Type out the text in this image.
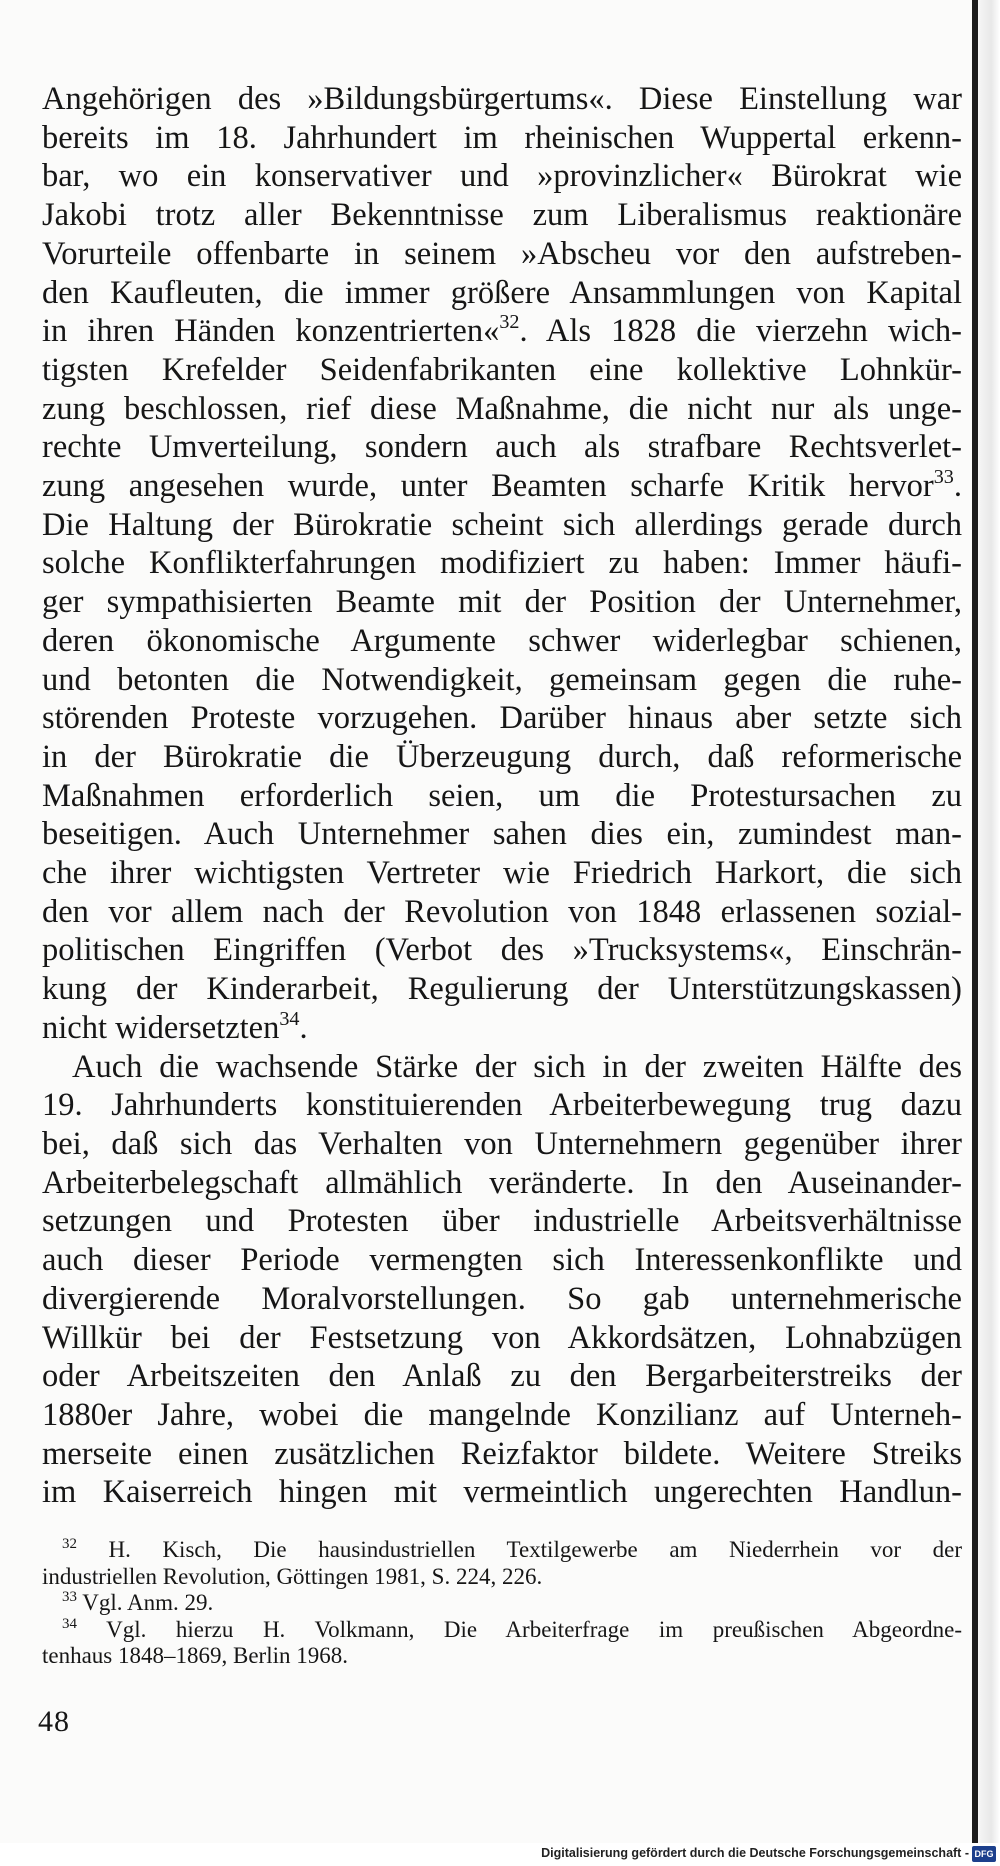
Angehörigen des »Bildungsbürgertums«. Diese Einstellung war
bereits im 18. Jahrhundert im rheinischen Wuppertal erkenn-
bar, wo ein konservativer und »provinzlicher« Bürokrat wie
Jakobi trotz aller Bekenntnisse zum Liberalismus reaktionäre
Vorurteile offenbarte in seinem »Abscheu vor den aufstreben-
den Kaufleuten, die immer größere Ansammlungen von Kapital
in ihren Händen konzentrierten«$^{32}$. Als 1828 die vierzehn wich-
tigsten Krefelder Seidenfabrikanten eine kollektive Lohnkür-
zung beschlossen, rief diese Maßnahme, die nicht nur als unge-
rechte Umverteilung, sondern auch als strafbare Rechtsverlet-
zung angesehen wurde, unter Beamten scharfe Kritik hervor$^{33}$.
Die Haltung der Bürokratie scheint sich allerdings gerade durch
solche Konflikterfahrungen modifiziert zu haben: Immer häufi-
ger sympathisierten Beamte mit der Position der Unternehmer,
deren ökonomische Argumente schwer widerlegbar schienen,
und betonten die Notwendigkeit, gemeinsam gegen die ruhe-
störenden Proteste vorzugehen. Darüber hinaus aber setzte sich
in der Bürokratie die Überzeugung durch, daß reformerische
Maßnahmen erforderlich seien, um die Protestursachen zu
beseitigen. Auch Unternehmer sahen dies ein, zumindest man-
che ihrer wichtigsten Vertreter wie Friedrich Harkort, die sich
den vor allem nach der Revolution von 1848 erlassenen sozial-
politischen Eingriffen (Verbot des »Trucksystems«, Einschrän-
kung der Kinderarbeit, Regulierung der Unterstützungskassen)
nicht widersetzten$^{34}$.
Auch die wachsende Stärke der sich in der zweiten Hälfte des
19. Jahrhunderts konstituierenden Arbeiterbewegung trug dazu
bei, daß sich das Verhalten von Unternehmern gegenüber ihrer
Arbeiterbelegschaft allmählich veränderte. In den Auseinander-
setzungen und Protesten über industrielle Arbeitsverhältnisse
auch dieser Periode vermengten sich Interessenkonflikte und
divergierende Moralvorstellungen. So gab unternehmerische
Willkür bei der Festsetzung von Akkordsätzen, Lohnabzügen
oder Arbeitszeiten den Anlaß zu den Bergarbeiterstreiks der
1880er Jahre, wobei die mangelnde Konzilianz auf Unterneh-
merseite einen zusätzlichen Reizfaktor bildete. Weitere Streiks
im Kaiserreich hingen mit vermeintlich ungerechten Handlun-
$^{32}$ H. Kisch, Die hausindustriellen Textilgewerbe am Niederrhein vor der
industriellen Revolution, Göttingen 1981, S. 224, 226.
$^{33}$ Vgl. Anm. 29.
$^{34}$ Vgl. hierzu H. Volkmann, Die Arbeiterfrage im preußischen Abgeordne-
tenhaus 1848–1869, Berlin 1968.
48
Digitalisierung gefördert durch die Deutsche Forschungsgemeinschaft - DFG
